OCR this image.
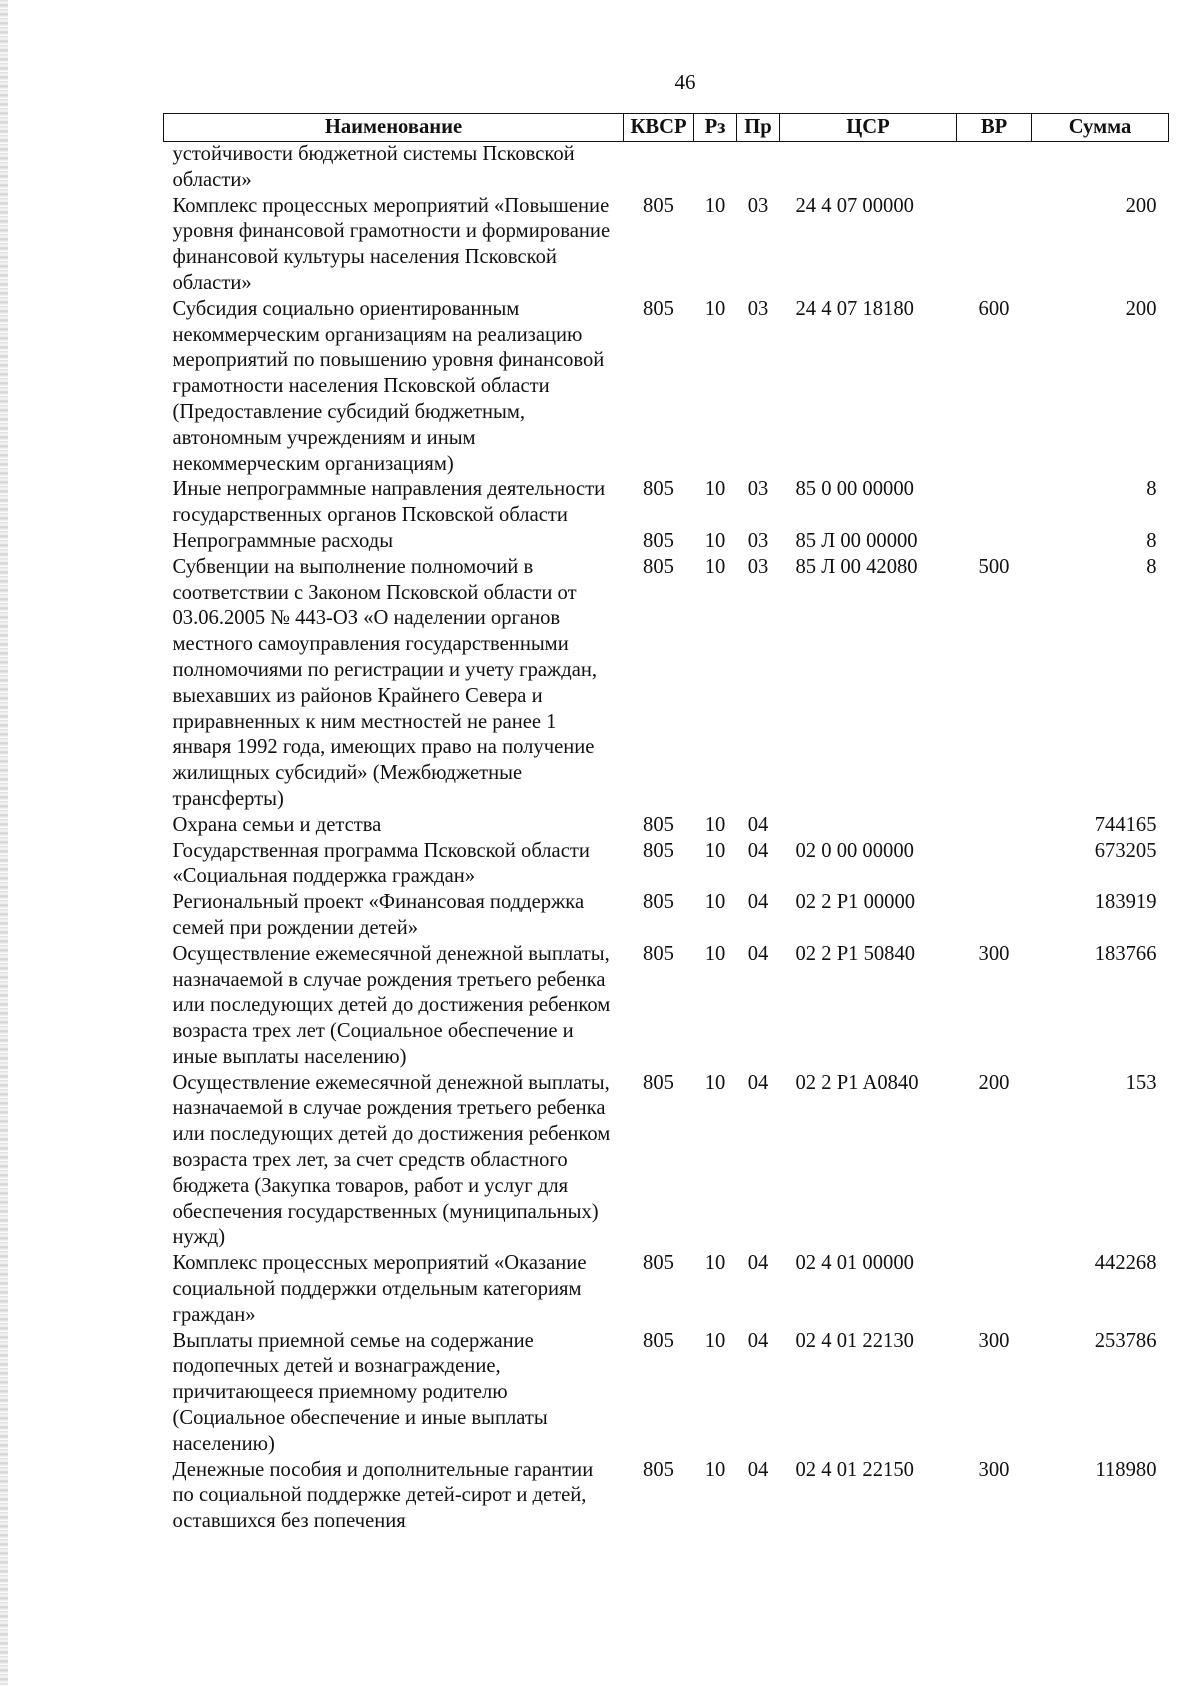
46
Наименование	КВСР	Рз	Пр	ЦСР	ВР	Сумма
устойчивости бюджетной системы Псковской области»						
Комплекс процессных мероприятий «Повышение уровня финансовой грамотности и формирование финансовой культуры населения Псковской области»	805	10	03	24 4 07 00000		200
Субсидия социально ориентированным некоммерческим организациям на реализацию мероприятий по повышению уровня финансовой грамотности населения Псковской области (Предоставление субсидий бюджетным, автономным учреждениям и иным некоммерческим организациям)	805	10	03	24 4 07 18180	600	200
Иные непрограммные направления деятельности государственных органов Псковской области	805	10	03	85 0 00 00000		8
Непрограммные расходы	805	10	03	85 Л 00 00000		8
Субвенции на выполнение полномочий в соответствии с Законом Псковской области от 03.06.2005 № 443-ОЗ «О наделении органов местного самоуправления государственными полномочиями по регистрации и учету граждан, выехавших из районов Крайнего Севера и приравненных к ним местностей не ранее 1 января 1992 года, имеющих право на получение жилищных субсидий» (Межбюджетные трансферты)	805	10	03	85 Л 00 42080	500	8
Охрана семьи и детства	805	10	04			744165
Государственная программа Псковской области «Социальная поддержка граждан»	805	10	04	02 0 00 00000		673205
Региональный проект «Финансовая поддержка семей при рождении детей»	805	10	04	02 2 P1 00000		183919
Осуществление ежемесячной денежной выплаты, назначаемой в случае рождения третьего ребенка или последующих детей до достижения ребенком возраста трех лет (Социальное обеспечение и иные выплаты населению)	805	10	04	02 2 P1 50840	300	183766
Осуществление ежемесячной денежной выплаты, назначаемой в случае рождения третьего ребенка или последующих детей до достижения ребенком возраста трех лет, за счет средств областного бюджета (Закупка товаров, работ и услуг для обеспечения государственных (муниципальных) нужд)	805	10	04	02 2 P1 A0840	200	153
Комплекс процессных мероприятий «Оказание социальной поддержки отдельным категориям граждан»	805	10	04	02 4 01 00000		442268
Выплаты приемной семье на содержание подопечных детей и вознаграждение, причитающееся приемному родителю (Социальное обеспечение и иные выплаты населению)	805	10	04	02 4 01 22130	300	253786
Денежные пособия и дополнительные гарантии по социальной поддержке детей-сирот и детей, оставшихся без попечения	805	10	04	02 4 01 22150	300	118980
